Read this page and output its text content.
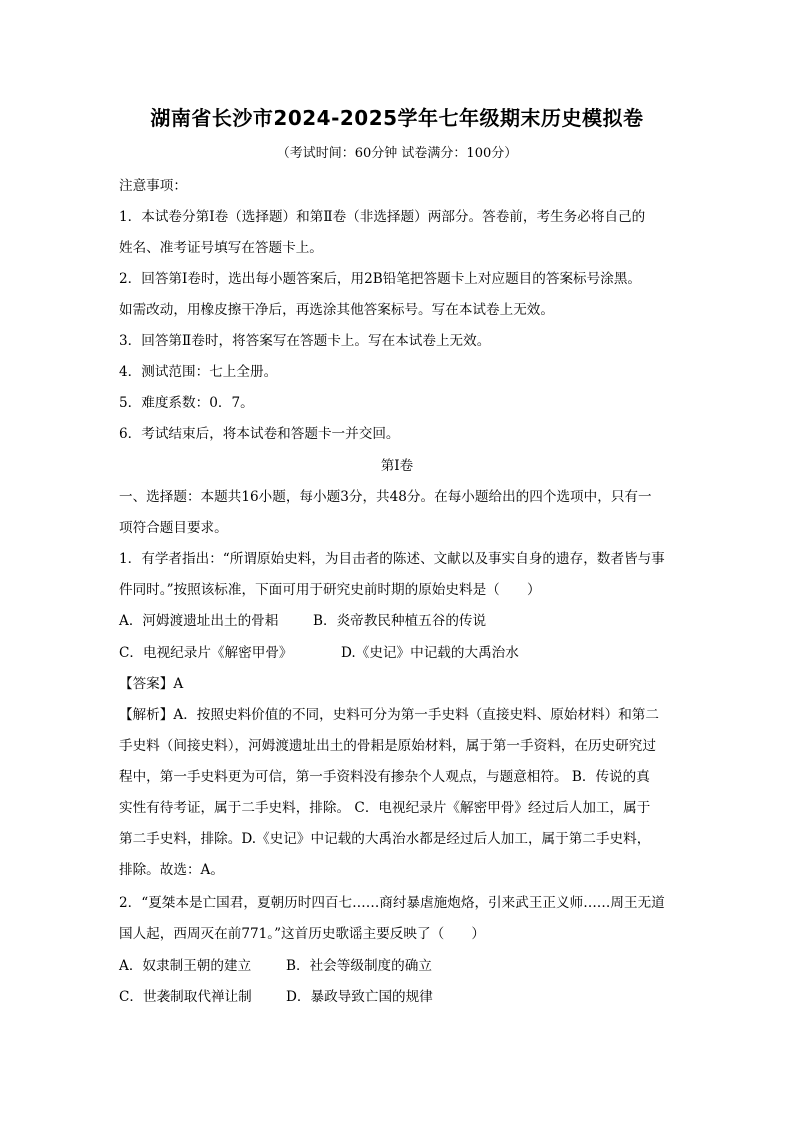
湖南省长沙市2024-2025学年七年级期末历史模拟卷
（考试时间：60分钟 试卷满分：100分）
注意事项：
1．本试卷分第Ⅰ卷（选择题）和第Ⅱ卷（非选择题）两部分。答卷前，考生务必将自己的
姓名、准考证号填写在答题卡上。
2．回答第Ⅰ卷时，选出每小题答案后，用2B铅笔把答题卡上对应题目的答案标号涂黑。
如需改动，用橡皮擦干净后，再选涂其他答案标号。写在本试卷上无效。
3．回答第Ⅱ卷时，将答案写在答题卡上。写在本试卷上无效。
4．测试范围：七上全册。
5．难度系数：0．7。
6．考试结束后，将本试卷和答题卡一并交回。
第Ⅰ卷
一、选择题：本题共16小题，每小题3分，共48分。在每小题给出的四个选项中，只有一
项符合题目要求。
1．有学者指出：“所谓原始史料，为目击者的陈述、文献以及事实自身的遗存，数者皆与事
件同时。”按照该标准，下面可用于研究史前时期的原始史料是（　　）
A．河姆渡遗址出土的骨耜	B．炎帝教民种植五谷的传说
C．电视纪录片《解密甲骨》	D.《史记》中记载的大禹治水
【答案】A
【解析】A．按照史料价值的不同，史料可分为第一手史料（直接史料、原始材料）和第二
手史料（间接史料），河姆渡遗址出土的骨耜是原始材料，属于第一手资料，在历史研究过
程中，第一手史料更为可信，第一手资料没有掺杂个人观点，与题意相符。 B．传说的真
实性有待考证，属于二手史料，排除。 C．电视纪录片《解密甲骨》经过后人加工，属于
第二手史料，排除。D.《史记》中记载的大禹治水都是经过后人加工，属于第二手史料，
排除。故选：A。
2．“夏桀本是亡国君，夏朝历时四百七……商纣暴虐施炮烙，引来武王正义师……周王无道
国人起，西周灭在前771。”这首历史歌谣主要反映了（　　）
A．奴隶制王朝的建立	B．社会等级制度的确立
C．世袭制取代禅让制	D．暴政导致亡国的规律
